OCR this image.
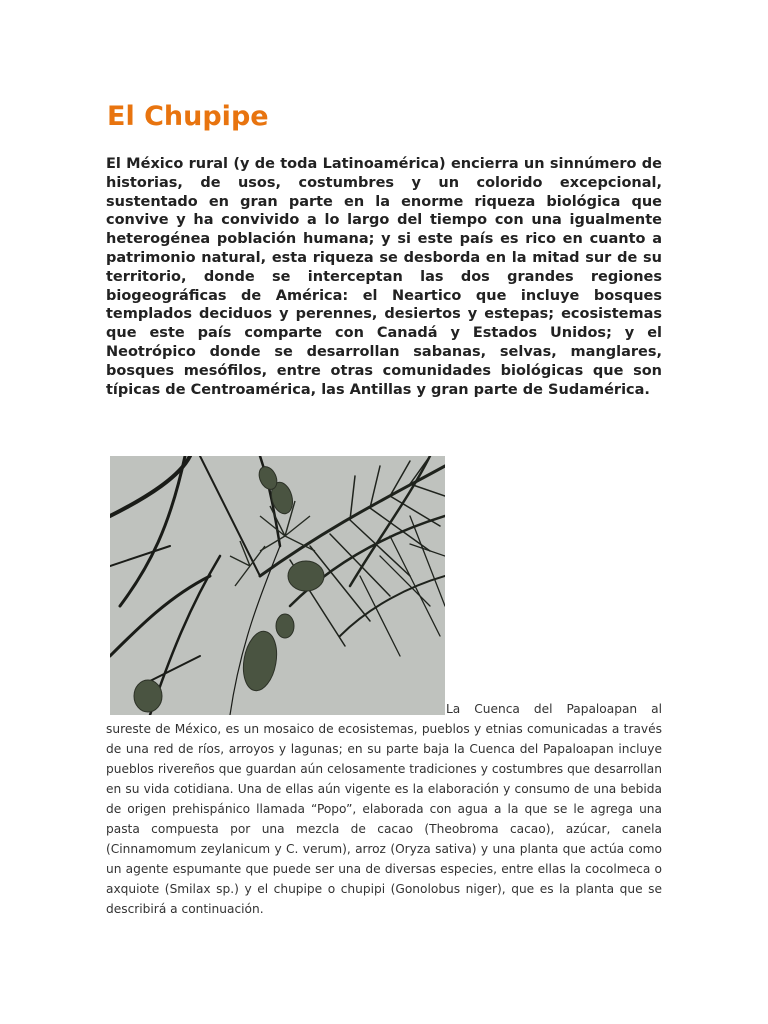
El Chupipe

El México rural (y de toda Latinoamérica) encierra un sinnúmero de historias, de usos, costumbres y un colorido excepcional, sustentado en gran parte en la enorme riqueza biológica que convive y ha convivido a lo largo del tiempo con una igualmente heterogénea población humana; y si este país es rico en cuanto a patrimonio natural, esta riqueza se desborda en la mitad sur de su territorio, donde se interceptan las dos grandes regiones biogeográficas de América: el Neartico que incluye bosques templados deciduos y perennes, desiertos y estepas; ecosistemas que este país comparte con Canadá y Estados Unidos; y el Neotrópico donde se desarrollan sabanas, selvas, manglares, bosques mesófilos, entre otras comunidades biológicas que son típicas de Centroamérica, las Antillas y gran parte de Sudamérica.

La Cuenca del Papaloapan al

sureste de México, es un mosaico de ecosistemas, pueblos y etnias comunicadas a través de una red de ríos, arroyos y lagunas; en su parte baja la Cuenca del Papaloapan incluye pueblos rivereños que guardan aún celosamente tradiciones y costumbres que desarrollan en su vida cotidiana. Una de ellas aún vigente es la elaboración y consumo de una bebida de origen prehispánico llamada “Popo”, elaborada con agua a la que se le agrega una pasta compuesta por una mezcla de cacao (Theobroma cacao), azúcar, canela (Cinnamomum zeylanicum y C. verum), arroz (Oryza sativa) y una planta que actúa como un agente espumante que puede ser una de diversas especies, entre ellas la cocolmeca o axquiote (Smilax sp.) y el chupipe o chupipi (Gonolobus niger), que es la planta que se describirá a continuación.
